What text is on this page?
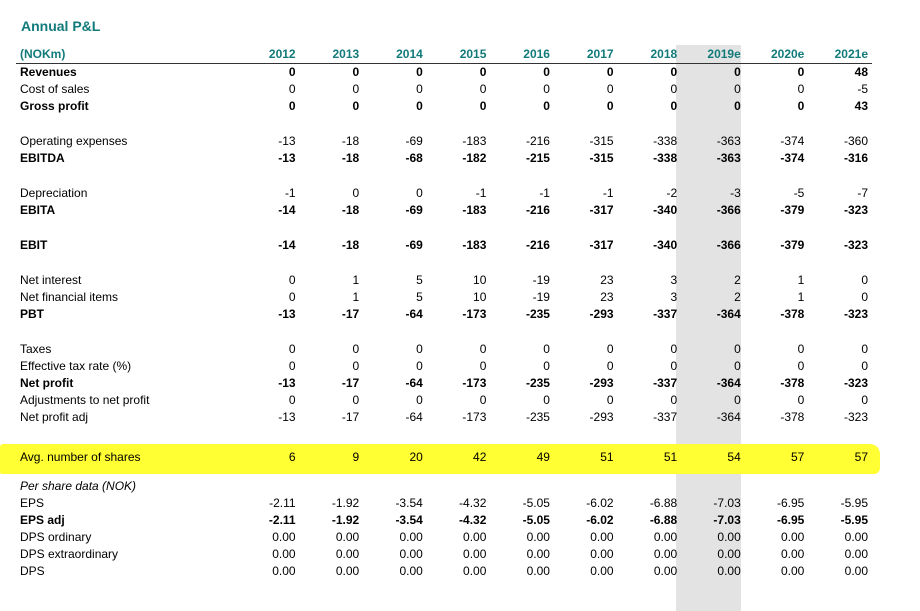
Annual P&L
(NOKm)	2012	2013	2014	2015	2016	2017	2018	2019e	2020e	2021e
Revenues	0	0	0	0	0	0	0	0	0	48
Cost of sales	0	0	0	0	0	0	0	0	0	-5
Gross profit	0	0	0	0	0	0	0	0	0	43

Operating expenses	-13	-18	-69	-183	-216	-315	-338	-363	-374	-360
EBITDA	-13	-18	-68	-182	-215	-315	-338	-363	-374	-316

Depreciation	-1	0	0	-1	-1	-1	-2	-3	-5	-7
EBITA	-14	-18	-69	-183	-216	-317	-340	-366	-379	-323

EBIT	-14	-18	-69	-183	-216	-317	-340	-366	-379	-323

Net interest	0	1	5	10	-19	23	3	2	1	0
Net financial items	0	1	5	10	-19	23	3	2	1	0
PBT	-13	-17	-64	-173	-235	-293	-337	-364	-378	-323

Taxes	0	0	0	0	0	0	0	0	0	0
Effective tax rate (%)	0	0	0	0	0	0	0	0	0	0
Net profit	-13	-17	-64	-173	-235	-293	-337	-364	-378	-323
Adjustments to net profit	0	0	0	0	0	0	0	0	0	0
Net profit adj	-13	-17	-64	-173	-235	-293	-337	-364	-378	-323

Avg. number of shares	6	9	20	42	49	51	51	54	57	57

Per share data (NOK)										
EPS	-2.11	-1.92	-3.54	-4.32	-5.05	-6.02	-6.88	-7.03	-6.95	-5.95
EPS adj	-2.11	-1.92	-3.54	-4.32	-5.05	-6.02	-6.88	-7.03	-6.95	-5.95
DPS ordinary	0.00	0.00	0.00	0.00	0.00	0.00	0.00	0.00	0.00	0.00
DPS extraordinary	0.00	0.00	0.00	0.00	0.00	0.00	0.00	0.00	0.00	0.00
DPS	0.00	0.00	0.00	0.00	0.00	0.00	0.00	0.00	0.00	0.00
